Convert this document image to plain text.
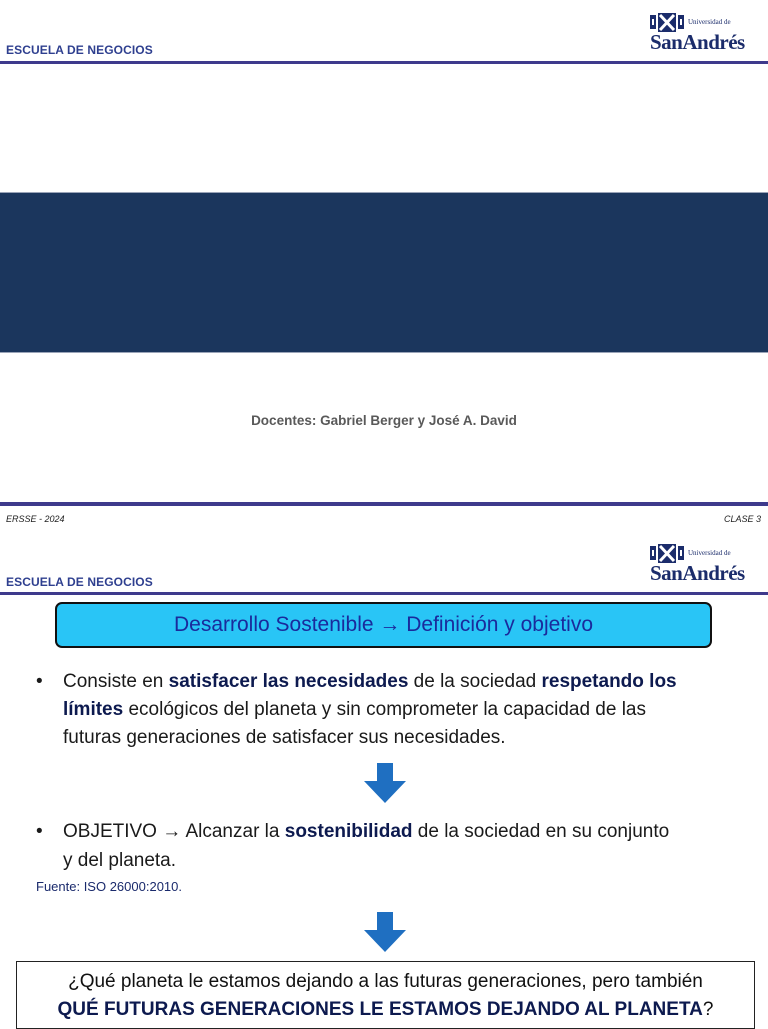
ESCUELA DE NEGOCIOS
Universidad de
SanAndrés
Docentes: Gabriel Berger y José A. David
ERSSE - 2024	CLASE 3
Universidad de
SanAndrés
ESCUELA DE NEGOCIOS
Desarrollo Sostenible → Definición y objetivo
• Consiste en satisfacer las necesidades de la sociedad respetando los
límites ecológicos del planeta y sin comprometer la capacidad de las
futuras generaciones de satisfacer sus necesidades.
• OBJETIVO → Alcanzar la sostenibilidad de la sociedad en su conjunto
y del planeta.
Fuente: ISO 26000:2010.
¿Qué planeta le estamos dejando a las futuras generaciones, pero también
QUÉ FUTURAS GENERACIONES LE ESTAMOS DEJANDO AL PLANETA?
